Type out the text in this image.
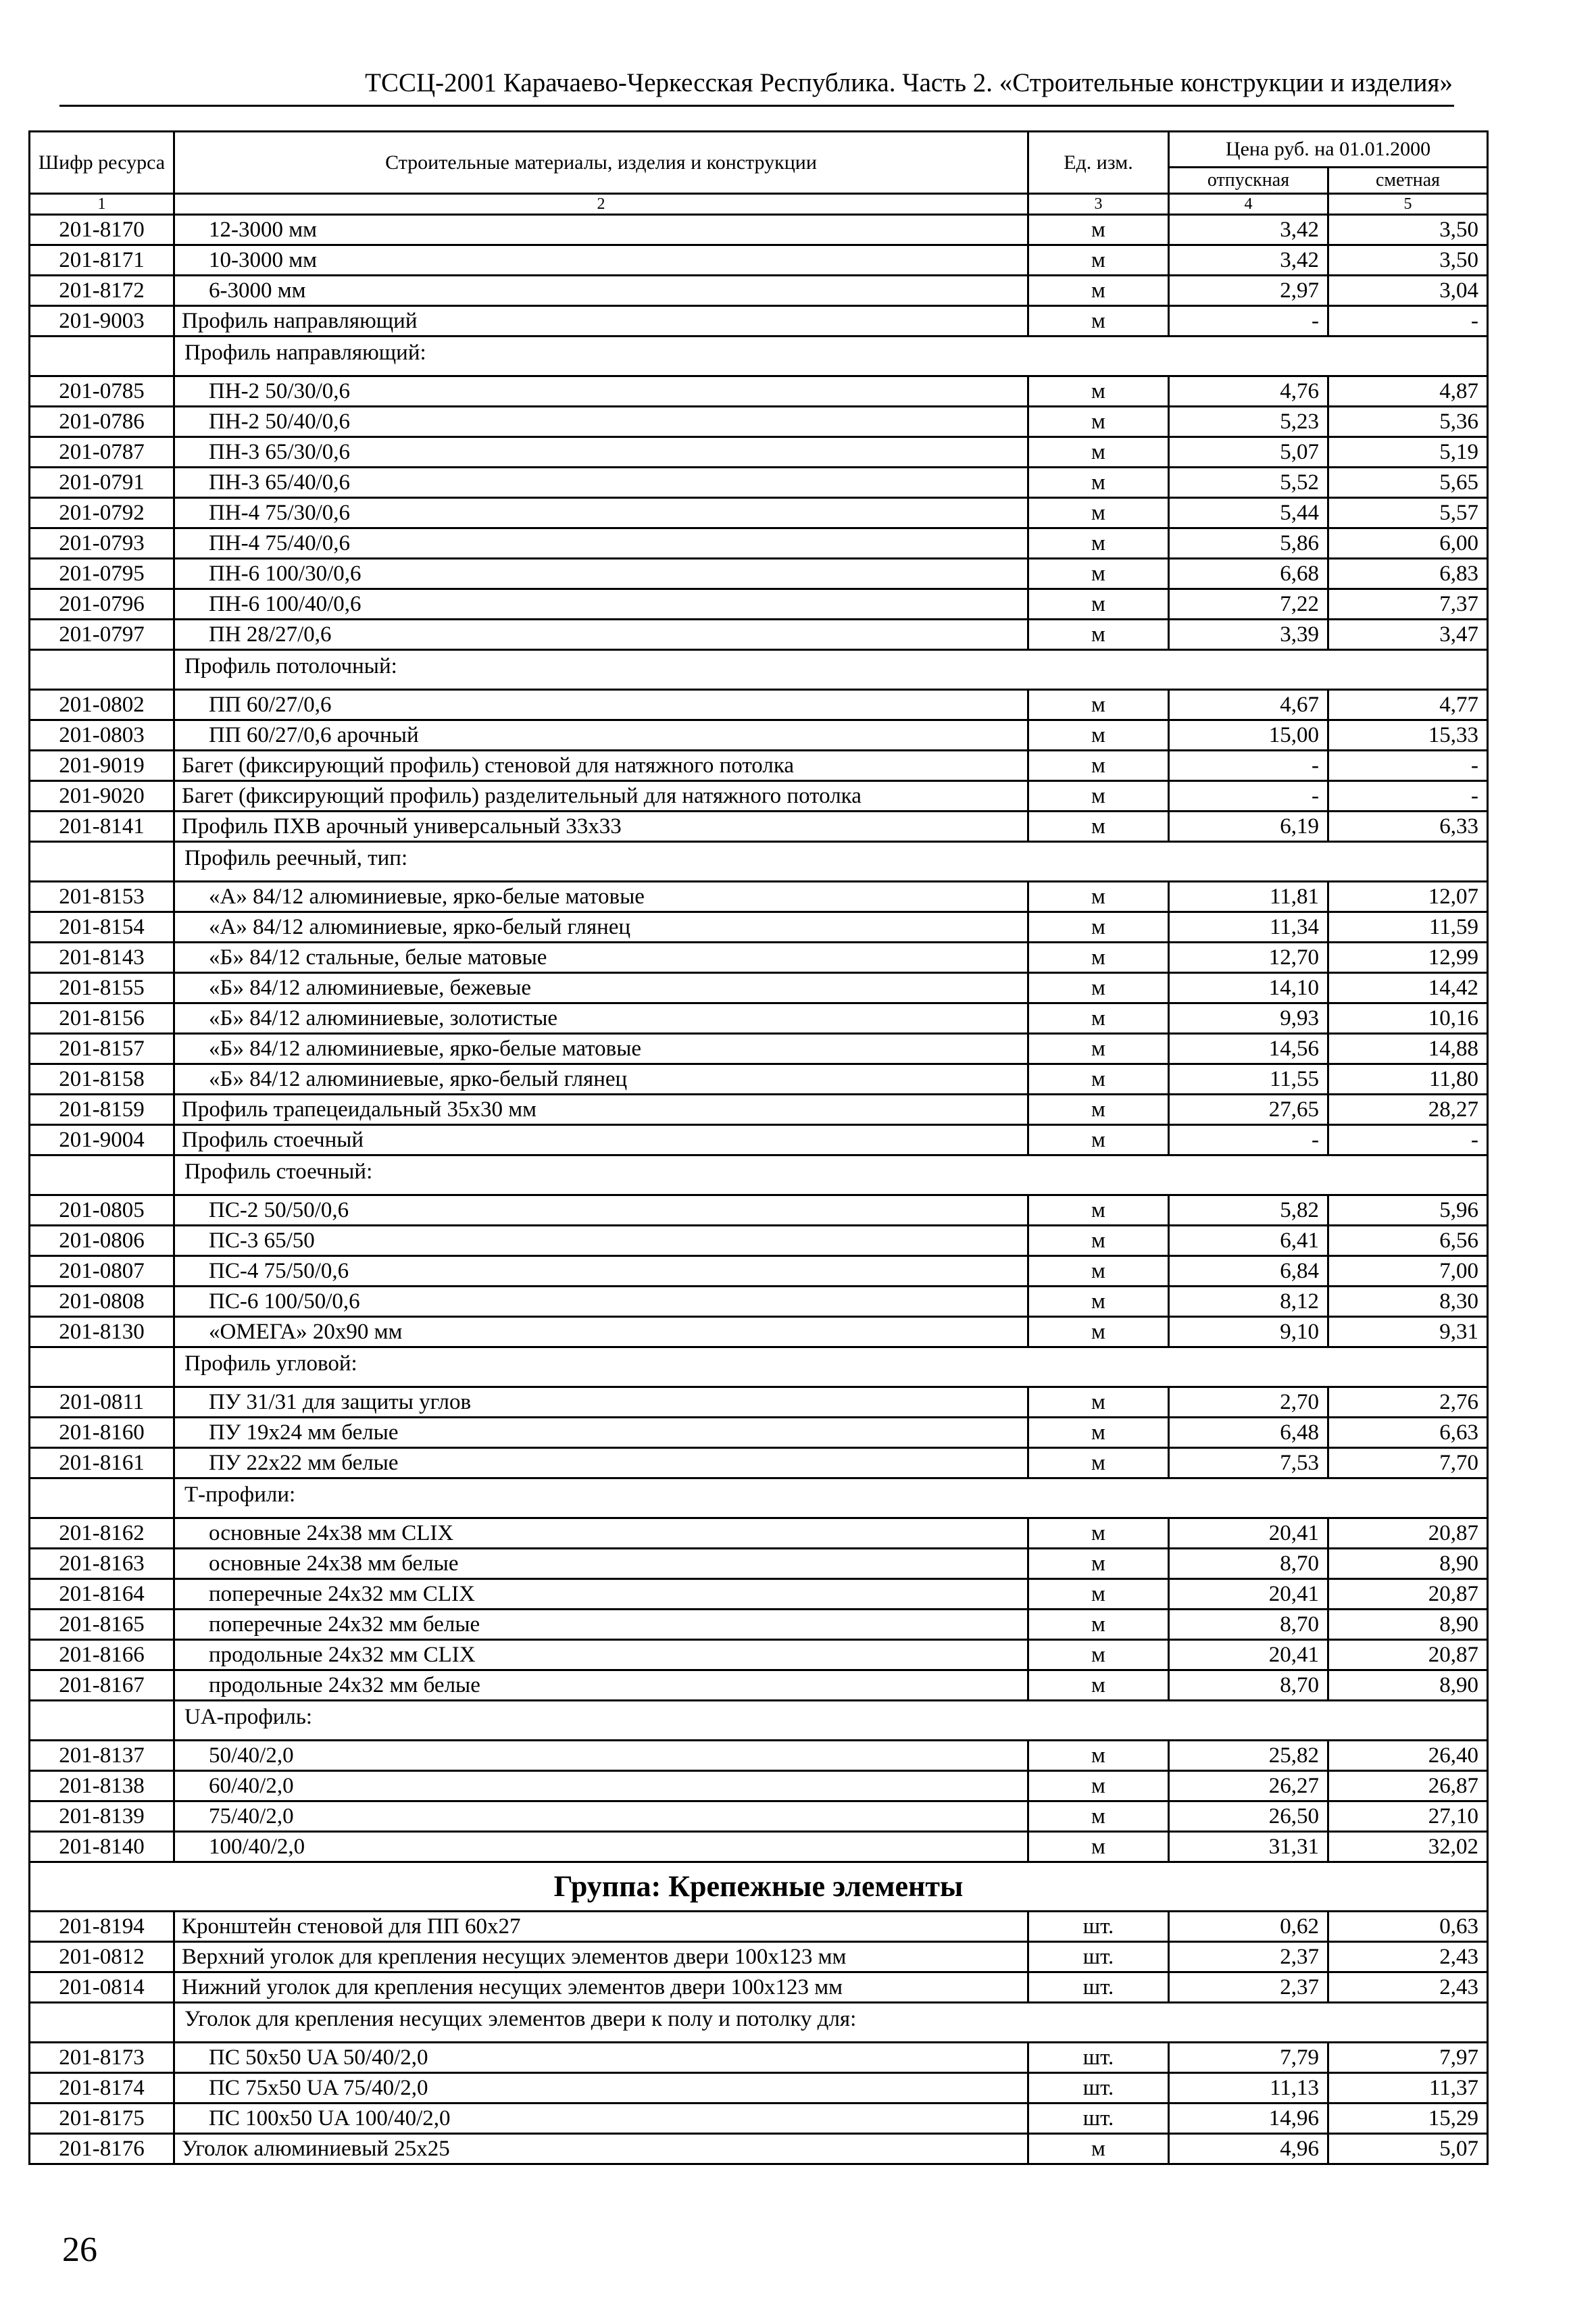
ТССЦ-2001 Карачаево-Черкесская Республика. Часть 2. «Строительные конструкции и изделия»
Шифр ресурса	Строительные материалы, изделия и конструкции	Ед. изм.	Цена руб. на 01.01.2000	
			отпускная	сметная
1	2	3	4	5
201-8170	12-3000 мм	м	3,42	3,50
201-8171	10-3000 мм	м	3,42	3,50
201-8172	6-3000 мм	м	2,97	3,04
201-9003	Профиль направляющий	м	-	-
	Профиль направляющий:			
201-0785	ПН-2 50/30/0,6	м	4,76	4,87
201-0786	ПН-2 50/40/0,6	м	5,23	5,36
201-0787	ПН-3 65/30/0,6	м	5,07	5,19
201-0791	ПН-3 65/40/0,6	м	5,52	5,65
201-0792	ПН-4 75/30/0,6	м	5,44	5,57
201-0793	ПН-4 75/40/0,6	м	5,86	6,00
201-0795	ПН-6 100/30/0,6	м	6,68	6,83
201-0796	ПН-6 100/40/0,6	м	7,22	7,37
201-0797	ПН 28/27/0,6	м	3,39	3,47
	Профиль потолочный:			
201-0802	ПП 60/27/0,6	м	4,67	4,77
201-0803	ПП 60/27/0,6 арочный	м	15,00	15,33
201-9019	Багет (фиксирующий профиль) стеновой для натяжного потолка	м	-	-
201-9020	Багет (фиксирующий профиль) разделительный для натяжного потолка	м	-	-
201-8141	Профиль ПХВ арочный универсальный 33х33	м	6,19	6,33
	Профиль реечный, тип:			
201-8153	«А» 84/12 алюминиевые, ярко-белые матовые	м	11,81	12,07
201-8154	«А» 84/12 алюминиевые, ярко-белый глянец	м	11,34	11,59
201-8143	«Б» 84/12 стальные, белые матовые	м	12,70	12,99
201-8155	«Б» 84/12 алюминиевые, бежевые	м	14,10	14,42
201-8156	«Б» 84/12 алюминиевые, золотистые	м	9,93	10,16
201-8157	«Б» 84/12 алюминиевые, ярко-белые матовые	м	14,56	14,88
201-8158	«Б» 84/12 алюминиевые, ярко-белый глянец	м	11,55	11,80
201-8159	Профиль трапецеидальный 35х30 мм	м	27,65	28,27
201-9004	Профиль стоечный	м	-	-
	Профиль стоечный:			
201-0805	ПС-2 50/50/0,6	м	5,82	5,96
201-0806	ПС-3 65/50	м	6,41	6,56
201-0807	ПС-4 75/50/0,6	м	6,84	7,00
201-0808	ПС-6 100/50/0,6	м	8,12	8,30
201-8130	«ОМЕГА» 20х90 мм	м	9,10	9,31
	Профиль угловой:			
201-0811	ПУ 31/31 для защиты углов	м	2,70	2,76
201-8160	ПУ 19х24 мм белые	м	6,48	6,63
201-8161	ПУ 22х22 мм белые	м	7,53	7,70
	Т-профили:			
201-8162	основные 24х38 мм CLIX	м	20,41	20,87
201-8163	основные 24х38 мм белые	м	8,70	8,90
201-8164	поперечные 24х32 мм CLIX	м	20,41	20,87
201-8165	поперечные 24х32 мм белые	м	8,70	8,90
201-8166	продольные 24х32 мм CLIX	м	20,41	20,87
201-8167	продольные 24х32 мм белые	м	8,70	8,90
	UA-профиль:			
201-8137	50/40/2,0	м	25,82	26,40
201-8138	60/40/2,0	м	26,27	26,87
201-8139	75/40/2,0	м	26,50	27,10
201-8140	100/40/2,0	м	31,31	32,02
Группа: Крепежные элементы				
201-8194	Кронштейн стеновой для ПП 60х27	шт.	0,62	0,63
201-0812	Верхний уголок для крепления несущих элементов двери 100х123 мм	шт.	2,37	2,43
201-0814	Нижний уголок для крепления несущих элементов двери 100х123 мм	шт.	2,37	2,43
	Уголок для крепления несущих элементов двери к полу и потолку для:			
201-8173	ПС 50х50 UA 50/40/2,0	шт.	7,79	7,97
201-8174	ПС 75х50 UA 75/40/2,0	шт.	11,13	11,37
201-8175	ПС 100х50 UA 100/40/2,0	шт.	14,96	15,29
201-8176	Уголок алюминиевый 25х25	м	4,96	5,07
26
